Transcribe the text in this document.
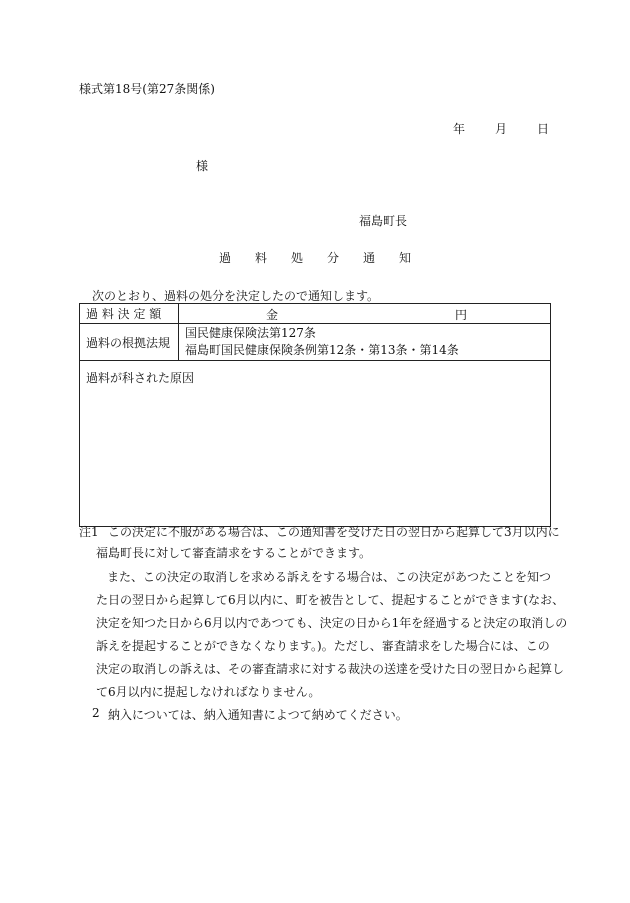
様式第18号(第27条関係)
年	月	日
様
福島町長
過 料 処 分 通 知
次のとおり、過料の処分を決定したので通知します。
過 料 決 定 額	金 円

過料の根拠法規	国民健康保険法第127条
福島町国民健康保険条例第12条・第13条・第14条

過料が科された原因	
注1 この決定に不服がある場合は、この通知書を受けた日の翌日から起算して3月以内に
福島町長に対して審査請求をすることができます。
また、この決定の取消しを求める訴えをする場合は、この決定があつたことを知つ
た日の翌日から起算して6月以内に、町を被告として、提起することができます(なお、
決定を知つた日から6月以内であつても、決定の日から1年を経過すると決定の取消しの
訴えを提起することができなくなります。)。ただし、審査請求をした場合には、この
決定の取消しの訴えは、その審査請求に対する裁決の送達を受けた日の翌日から起算し
て6月以内に提起しなければなりません。
2 納入については、納入通知書によつて納めてください。
